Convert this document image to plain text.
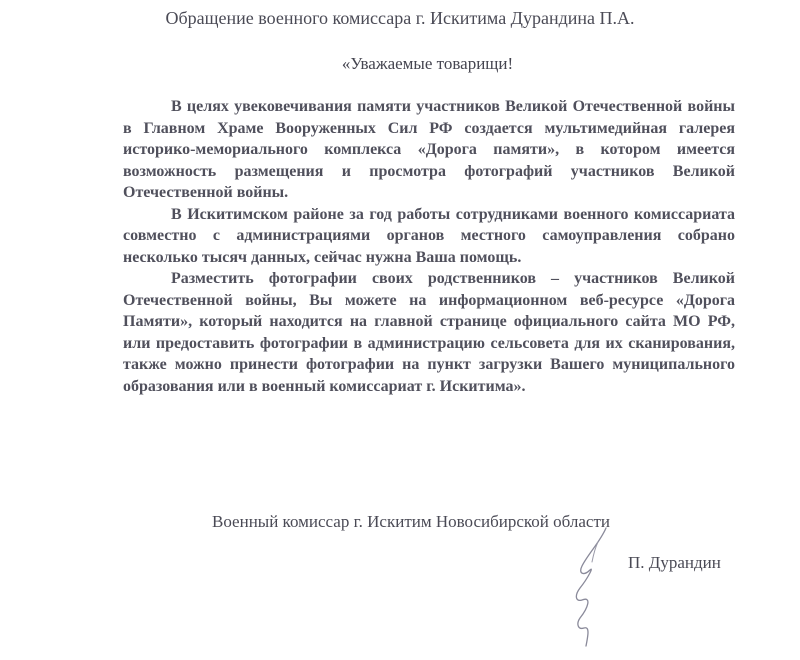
Обращение военного комиссара г. Искитима Дурандина П.А.
«Уважаемые товарищи!

В целях увековечивания памяти участников Великой Отечественной войны в Главном Храме Вооруженных Сил РФ создается мультимедийная галерея историко-мемориального комплекса «Дорога памяти», в котором имеется возможность размещения и просмотра фотографий участников Великой Отечественной войны.

В Искитимском районе за год работы сотрудниками военного комиссариата совместно с администрациями органов местного самоуправления собрано несколько тысяч данных, сейчас нужна Ваша помощь.

Разместить фотографии своих родственников – участников Великой Отечественной войны, Вы можете на информационном веб-ресурсе «Дорога Памяти», который находится на главной странице официального сайта МО РФ, или предоставить фотографии в администрацию сельсовета для их сканирования, также можно принести фотографии на пункт загрузки Вашего муниципального образования или в военный комиссариат г. Искитима».

Военный комиссар г. Искитим Новосибирской области
П. Дурандин
